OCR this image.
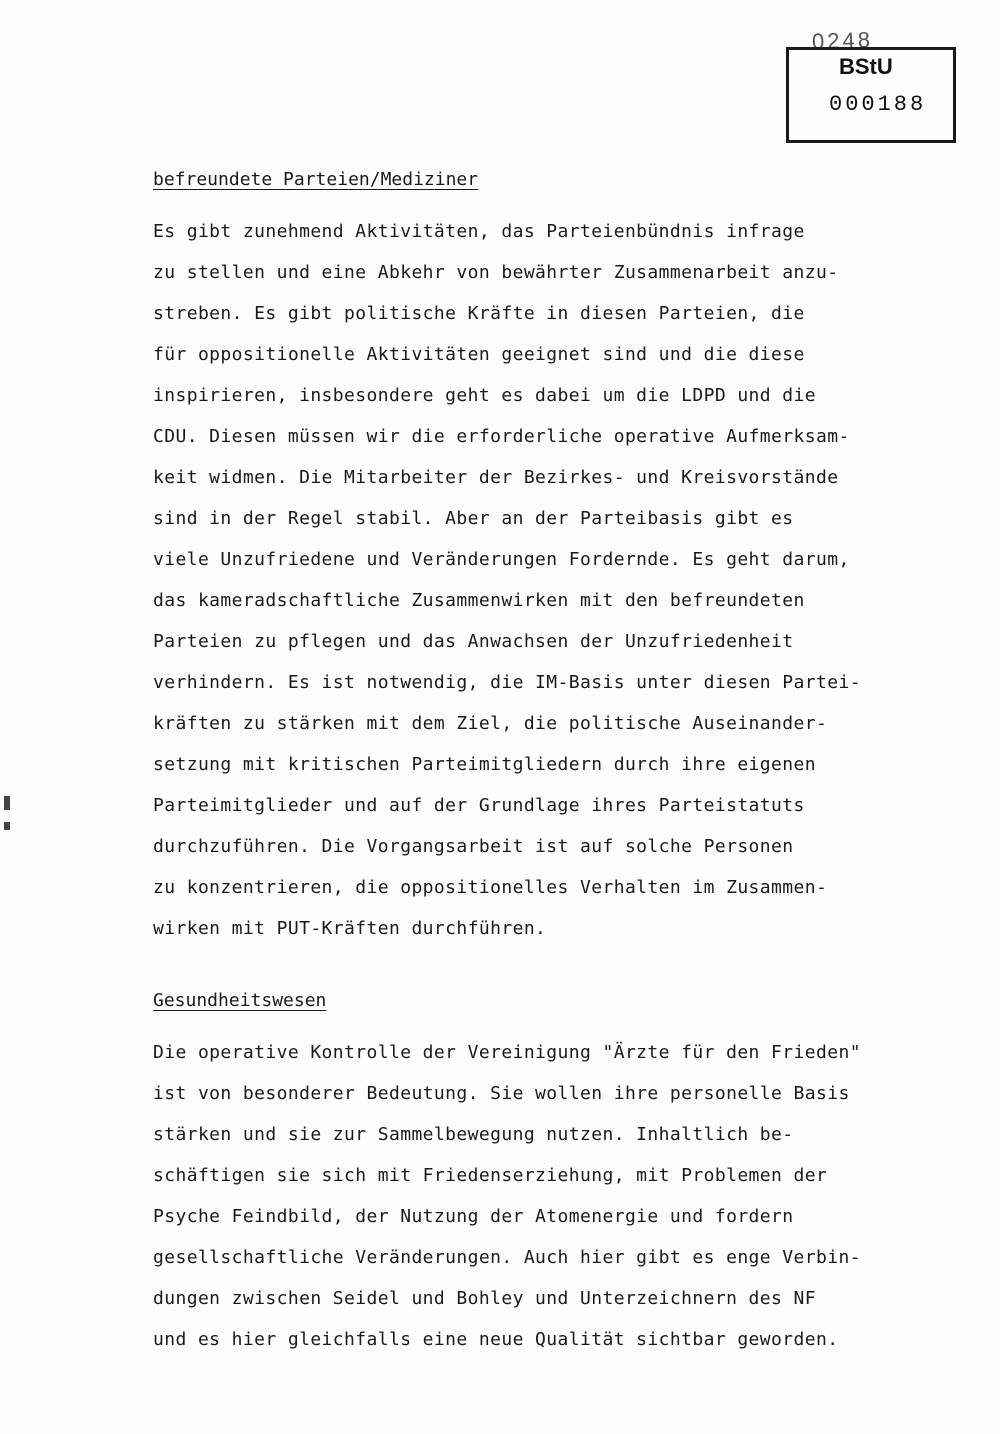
0248
BStU
000188
befreundete Parteien/Mediziner
Es gibt zunehmend Aktivitäten, das Parteienbündnis infrage
zu stellen und eine Abkehr von bewährter Zusammenarbeit anzu-
streben. Es gibt politische Kräfte in diesen Parteien, die
für oppositionelle Aktivitäten geeignet sind und die diese
inspirieren, insbesondere geht es dabei um die LDPD und die
CDU. Diesen müssen wir die erforderliche operative Aufmerksam-
keit widmen. Die Mitarbeiter der Bezirkes- und Kreisvorstände
sind in der Regel stabil. Aber an der Parteibasis gibt es
viele Unzufriedene und Veränderungen Fordernde. Es geht darum,
das kameradschaftliche Zusammenwirken mit den befreundeten
Parteien zu pflegen und das Anwachsen der Unzufriedenheit
verhindern. Es ist notwendig, die IM-Basis unter diesen Partei-
kräften zu stärken mit dem Ziel, die politische Auseinander-
setzung mit kritischen Parteimitgliedern durch ihre eigenen
Parteimitglieder und auf der Grundlage ihres Parteistatuts
durchzuführen. Die Vorgangsarbeit ist auf solche Personen
zu konzentrieren, die oppositionelles Verhalten im Zusammen-
wirken mit PUT-Kräften durchführen.
Gesundheitswesen
Die operative Kontrolle der Vereinigung "Ärzte für den Frieden"
ist von besonderer Bedeutung. Sie wollen ihre personelle Basis
stärken und sie zur Sammelbewegung nutzen. Inhaltlich be-
schäftigen sie sich mit Friedenserziehung, mit Problemen der
Psyche Feindbild, der Nutzung der Atomenergie und fordern
gesellschaftliche Veränderungen. Auch hier gibt es enge Verbin-
dungen zwischen Seidel und Bohley und Unterzeichnern des NF
und es hier gleichfalls eine neue Qualität sichtbar geworden.
